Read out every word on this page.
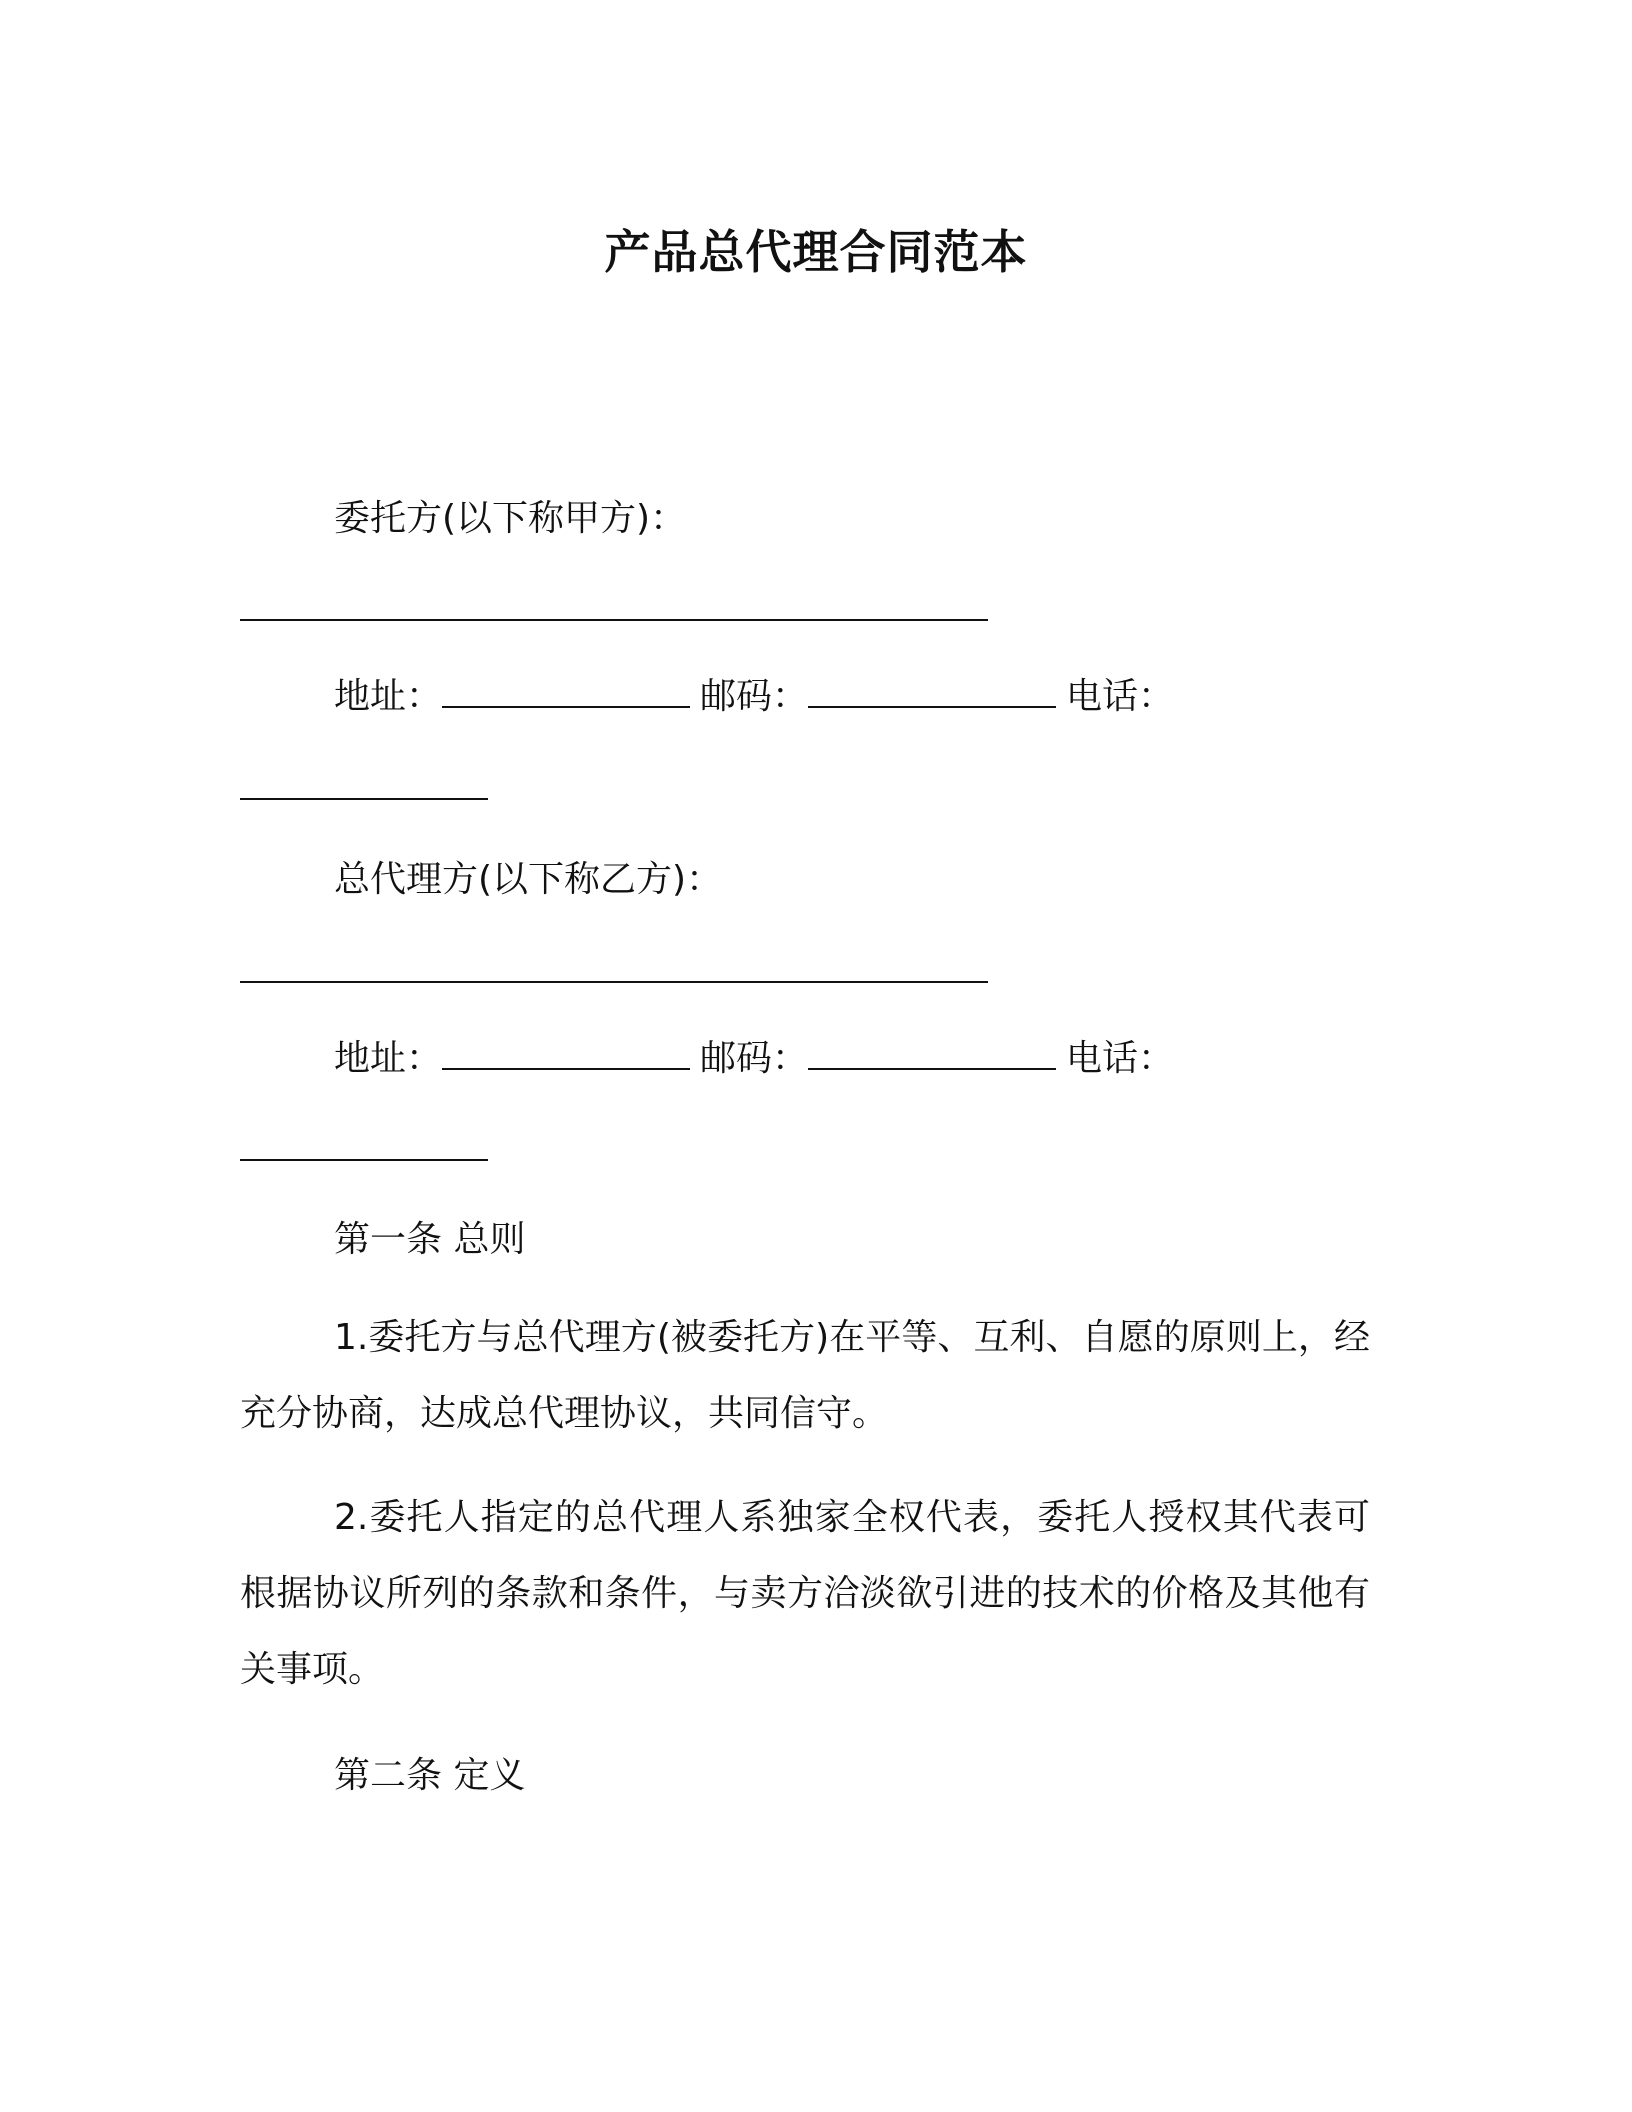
产品总代理合同范本
委托方(以下称甲方)：
地址：	邮码：	电话：
总代理方(以下称乙方)：
地址：	邮码：	电话：
第一条 总则
1.委托方与总代理方(被委托方)在平等、互利、自愿的原则上，经充分协商，达成总代理协议，共同信守。
2.委托人指定的总代理人系独家全权代表，委托人授权其代表可根据协议所列的条款和条件，与卖方洽淡欲引进的技术的价格及其他有关事项。
第二条 定义
